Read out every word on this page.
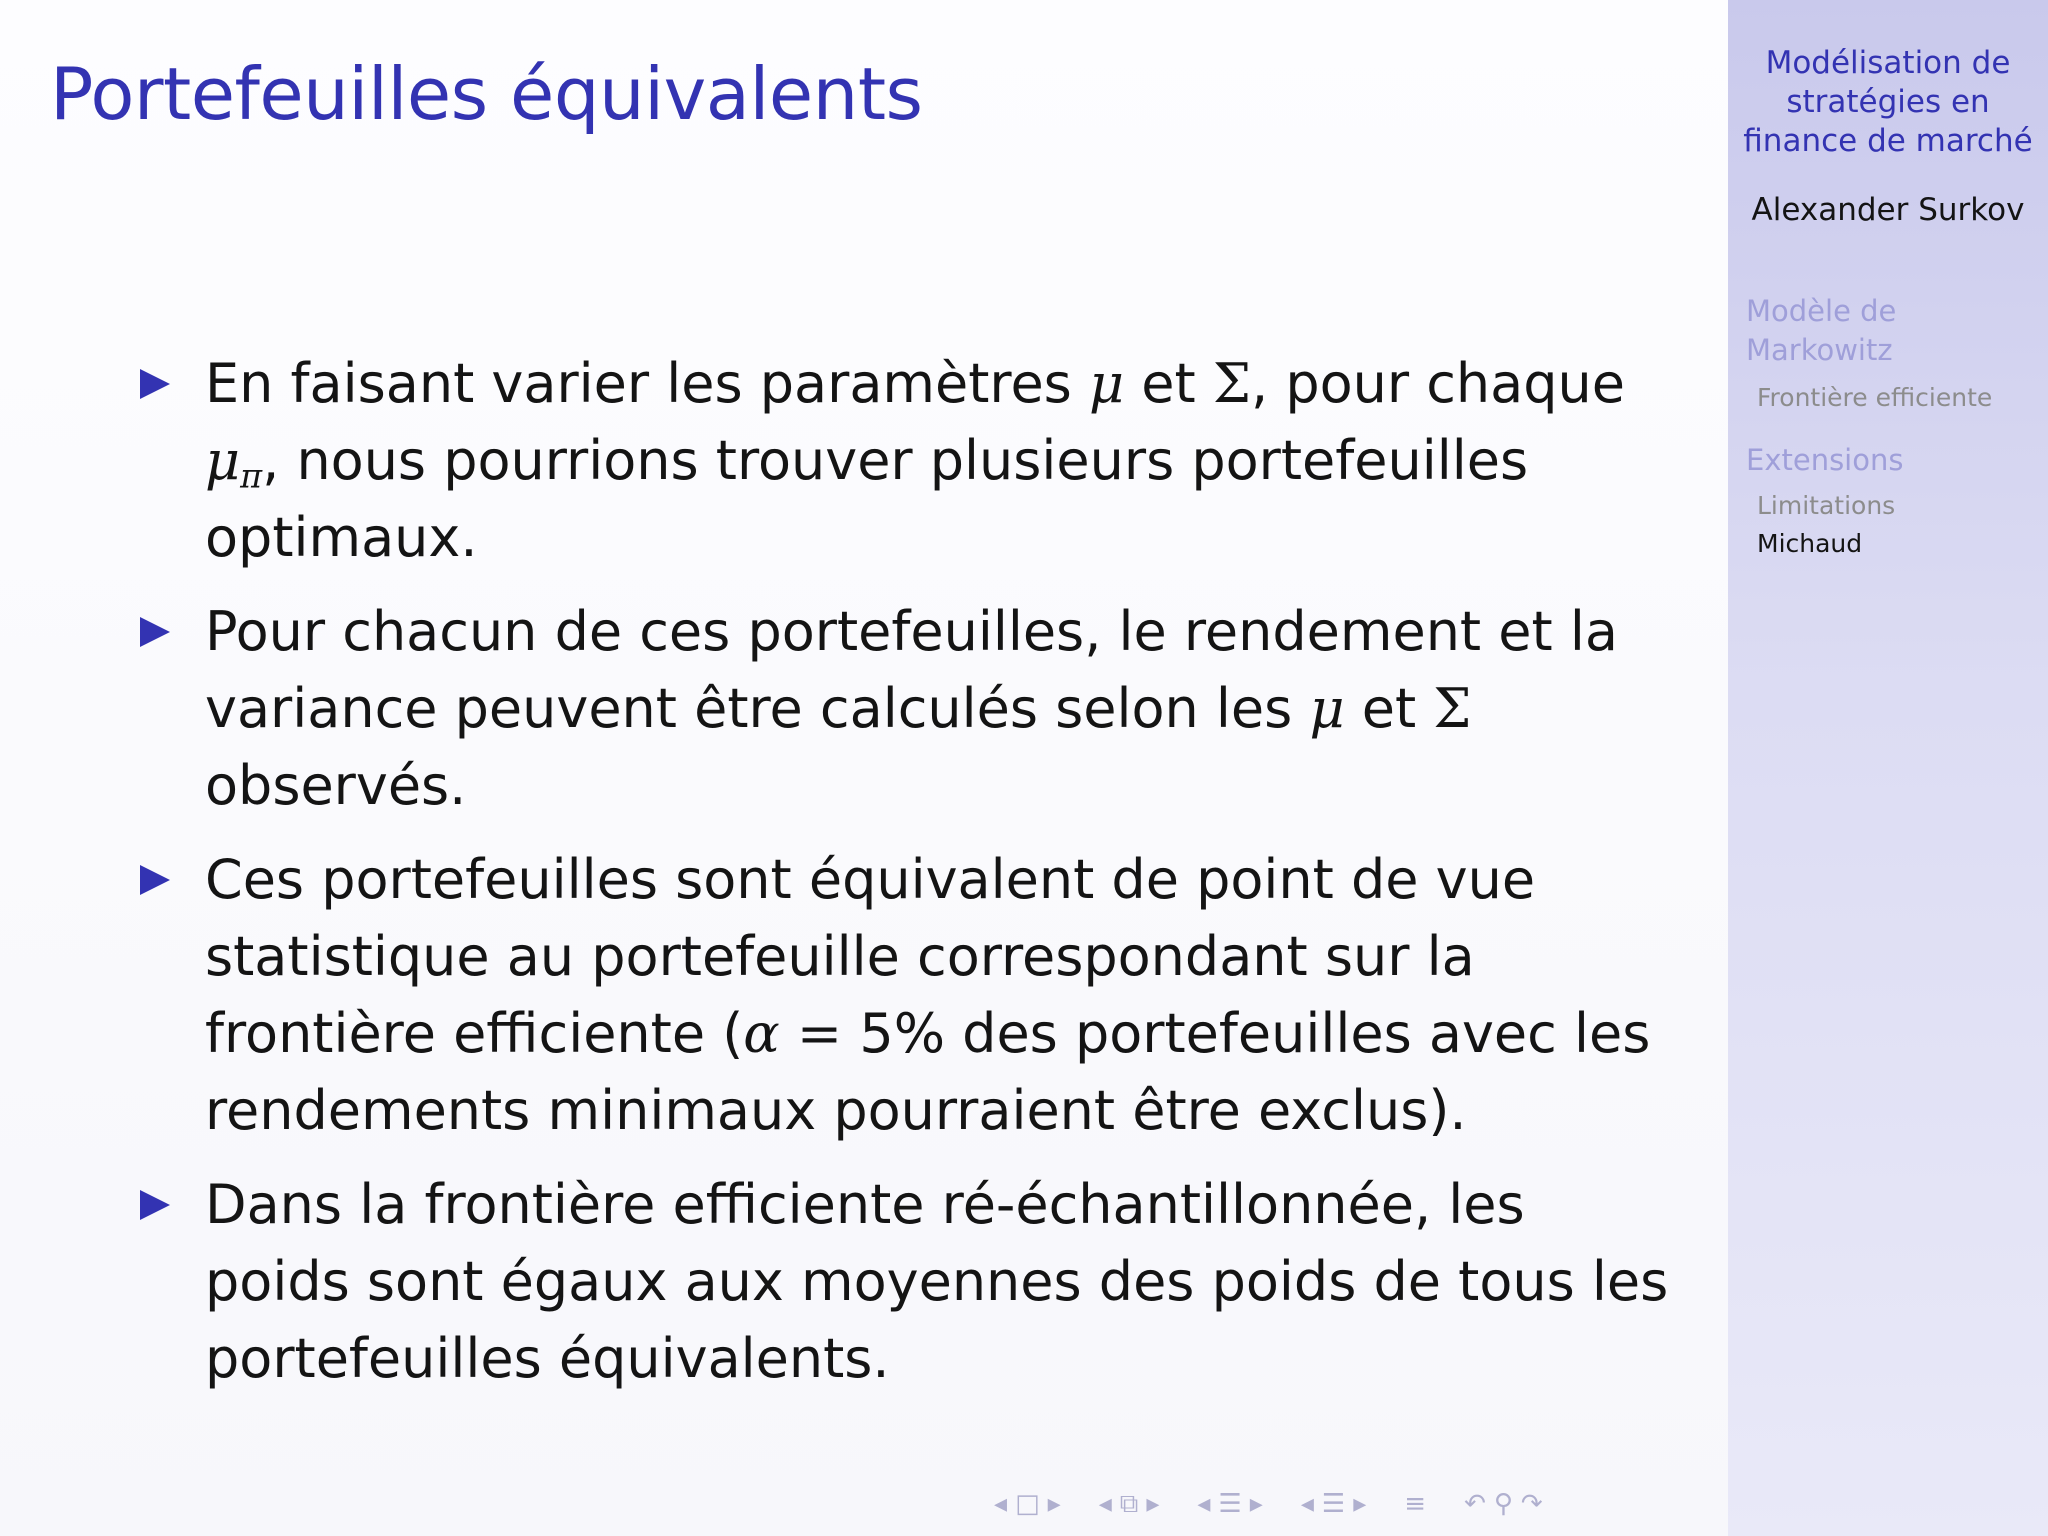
Portefeuilles équivalents
En faisant varier les paramètres μ et Σ, pour chaque $\mu_\pi$, nous pourrions trouver plusieurs portefeuilles optimaux.
Pour chacun de ces portefeuilles, le rendement et la variance peuvent être calculés selon les μ et Σ observés.
Ces portefeuilles sont équivalent de point de vue statistique au portefeuille correspondant sur la frontière efficiente (α = 5% des portefeuilles avec les rendements minimaux pourraient être exclus).
Dans la frontière efficiente ré-échantillonnée, les poids sont égaux aux moyennes des poids de tous les portefeuilles équivalents.
◂ □ ▸ ◂ ⧉ ▸ ◂ ☰ ▸ ◂ ☰ ▸ ≡ ↶ ⚲ ↷
Modélisation de
stratégies en
finance de marché
Alexander Surkov
Modèle de
Markowitz
Frontière efficiente
Extensions
Limitations
Michaud
